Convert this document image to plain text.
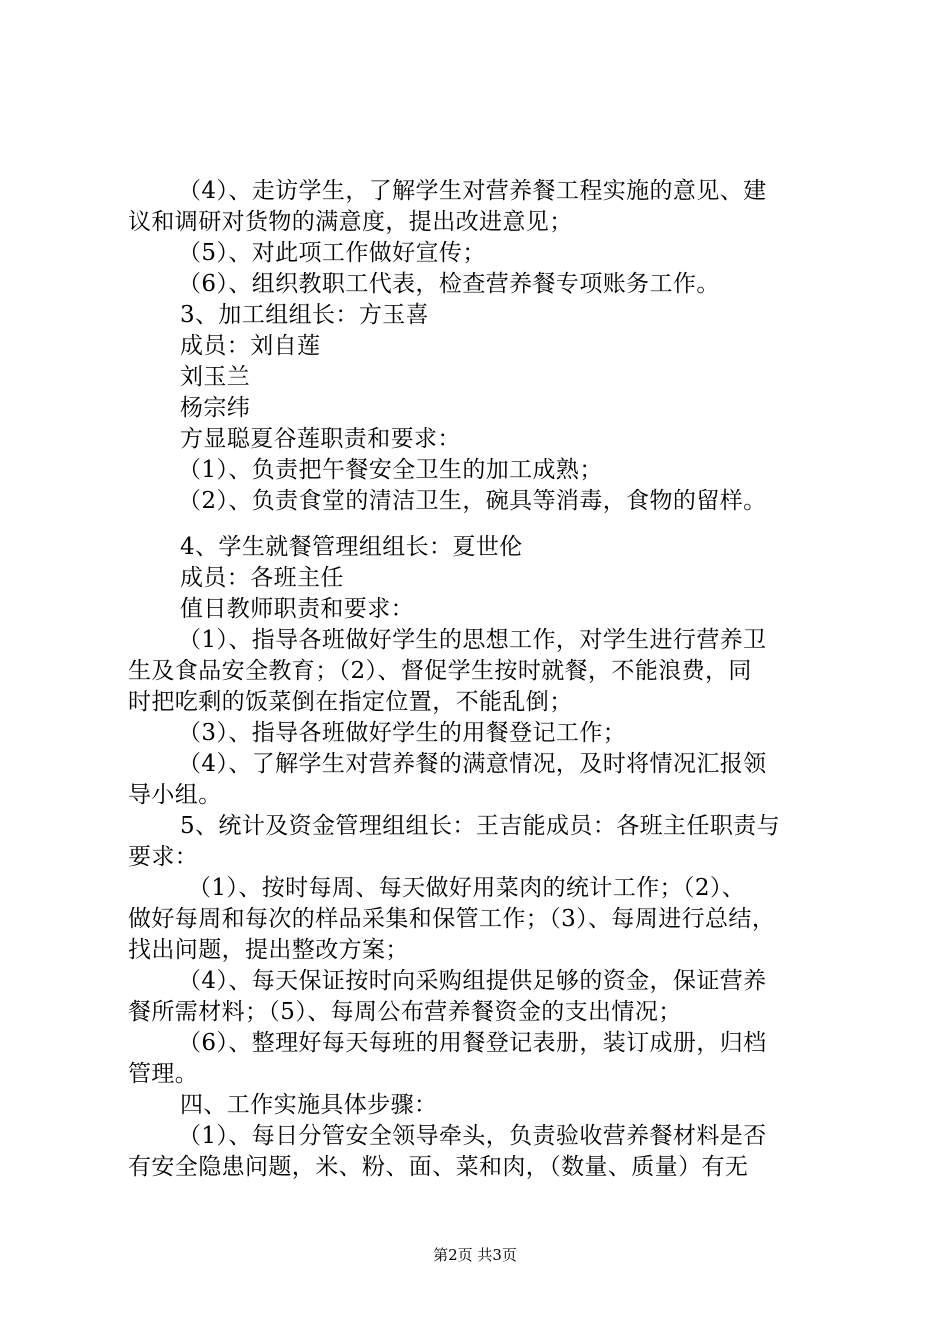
（4）、走访学生，了解学生对营养餐工程实施的意见、建
议和调研对货物的满意度，提出改进意见；
（5）、对此项工作做好宣传；
（6）、组织教职工代表，检查营养餐专项账务工作。
3、加工组组长：方玉喜
成员：刘自莲
刘玉兰
杨宗纬
方显聪夏谷莲职责和要求：
（1）、负责把午餐安全卫生的加工成熟；
（2）、负责食堂的清洁卫生，碗具等消毒，食物的留样。
4、学生就餐管理组组长：夏世伦
成员：各班主任
值日教师职责和要求：
（1）、指导各班做好学生的思想工作，对学生进行营养卫
生及食品安全教育；（2）、督促学生按时就餐，不能浪费，同
时把吃剩的饭菜倒在指定位置，不能乱倒；
（3）、指导各班做好学生的用餐登记工作；
（4）、了解学生对营养餐的满意情况，及时将情况汇报领
导小组。
5、统计及资金管理组组长：王吉能成员：各班主任职责与
要求：
（1）、按时每周、每天做好用菜肉的统计工作；（2）、
做好每周和每次的样品采集和保管工作；（3）、每周进行总结，
找出问题，提出整改方案；
（4）、每天保证按时向采购组提供足够的资金，保证营养
餐所需材料；（5）、每周公布营养餐资金的支出情况；
（6）、整理好每天每班的用餐登记表册，装订成册，归档
管理。
四、工作实施具体步骤：
（1）、每日分管安全领导牵头，负责验收营养餐材料是否
有安全隐患问题，米、粉、面、菜和肉，（数量、质量）有无
第2页 共3页
